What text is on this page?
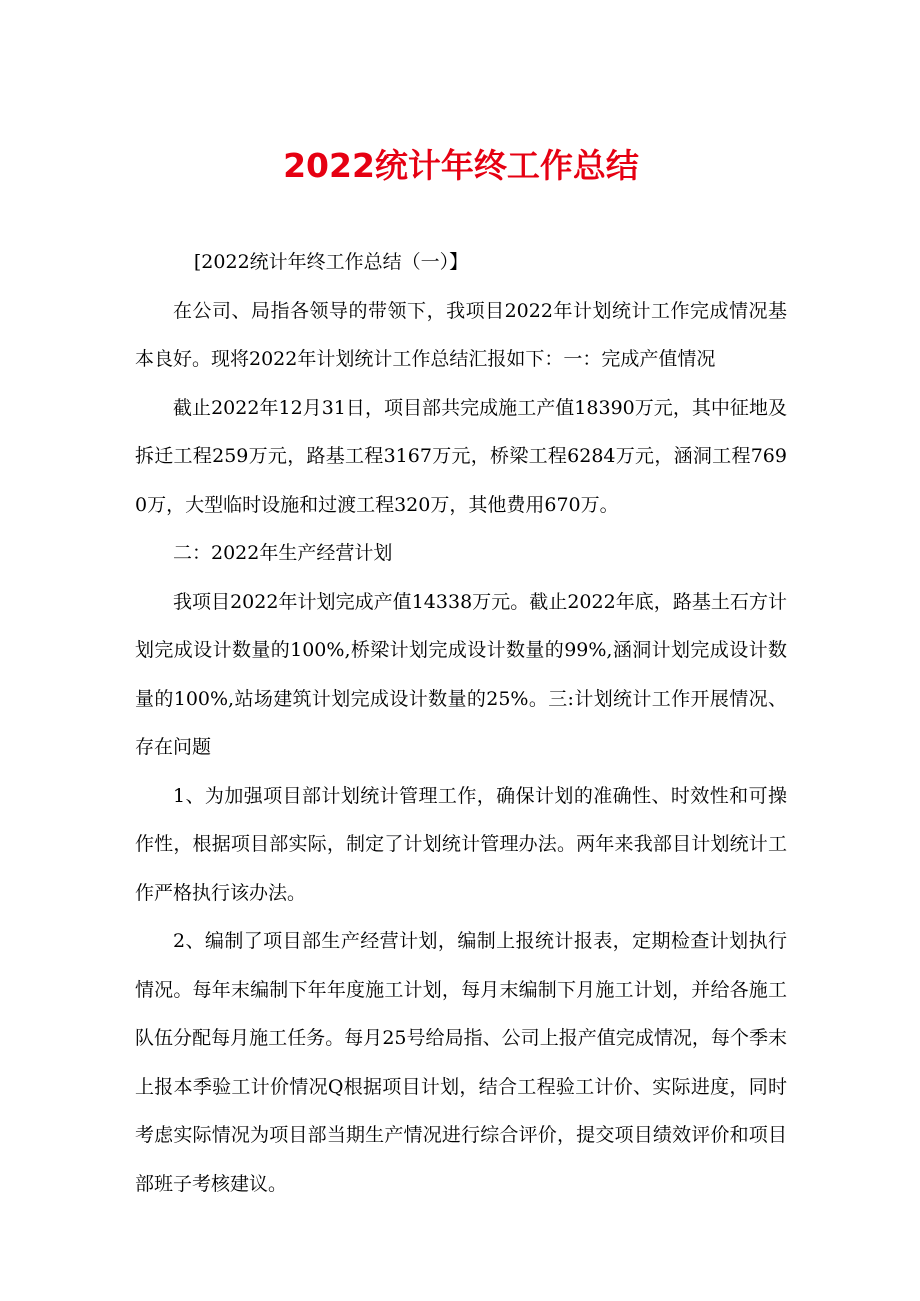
2022统计年终工作总结

[2022统计年终工作总结（一）】

在公司、局指各领导的带领下，我项目2022年计划统计工作完成情况基本良好。现将2022年计划统计工作总结汇报如下：一：完成产值情况

截止2022年12月31日，项目部共完成施工产值18390万元，其中征地及拆迁工程259万元，路基工程3167万元，桥梁工程6284万元，涵洞工程7690万，大型临时设施和过渡工程320万，其他费用670万。

二：2022年生产经营计划

我项目2022年计划完成产值14338万元。截止2022年底，路基土石方计划完成设计数量的100%,桥梁计划完成设计数量的99%,涵洞计划完成设计数量的100%,站场建筑计划完成设计数量的25%。三:计划统计工作开展情况、存在问题

1、为加强项目部计划统计管理工作，确保计划的准确性、时效性和可操作性，根据项目部实际，制定了计划统计管理办法。两年来我部目计划统计工作严格执行该办法。

2、编制了项目部生产经营计划，编制上报统计报表，定期检查计划执行情况。每年末编制下年年度施工计划，每月末编制下月施工计划，并给各施工队伍分配每月施工任务。每月25号给局指、公司上报产值完成情况，每个季末上报本季验工计价情况Q根据项目计划，结合工程验工计价、实际进度，同时考虑实际情况为项目部当期生产情况进行综合评价，提交项目绩效评价和项目部班子考核建议。
